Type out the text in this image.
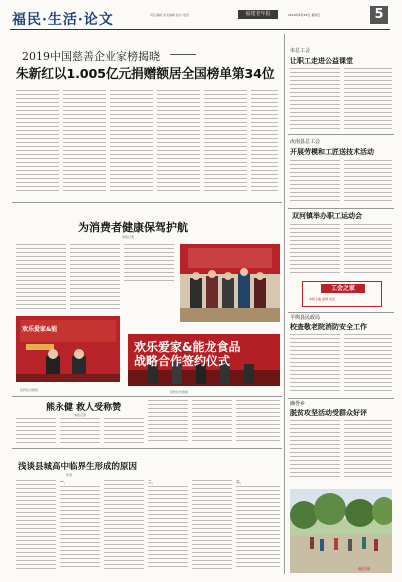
福民·生活·论文	责任编辑 美术编辑 校对 电话	福建老年报	2019年6月28日 星期五	5
2019中国慈善企业家榜揭晓
朱新红以1.005亿元捐赠额居全国榜单第34位
市总工会
让职工走进公益课堂
汝南县总工会
开展劳模和工匠送技术活动
双河镇举办职工运动会
工会之家
本版主编 监制 电话
平舆县民政局
校查敬老院消防安全工作
确誉乡
脱贫攻坚活动受群众好评
福民网
为消费者健康保驾护航
本报记者
欢乐爱家&能
欢乐爱家&能龙食品
战略合作签约仪式
签约仪式现场	签约仪式现场
熊永健 救人受称赞
本报记者
浅谈县城高中临界生形成的原因
作者
一、	二、	三、
